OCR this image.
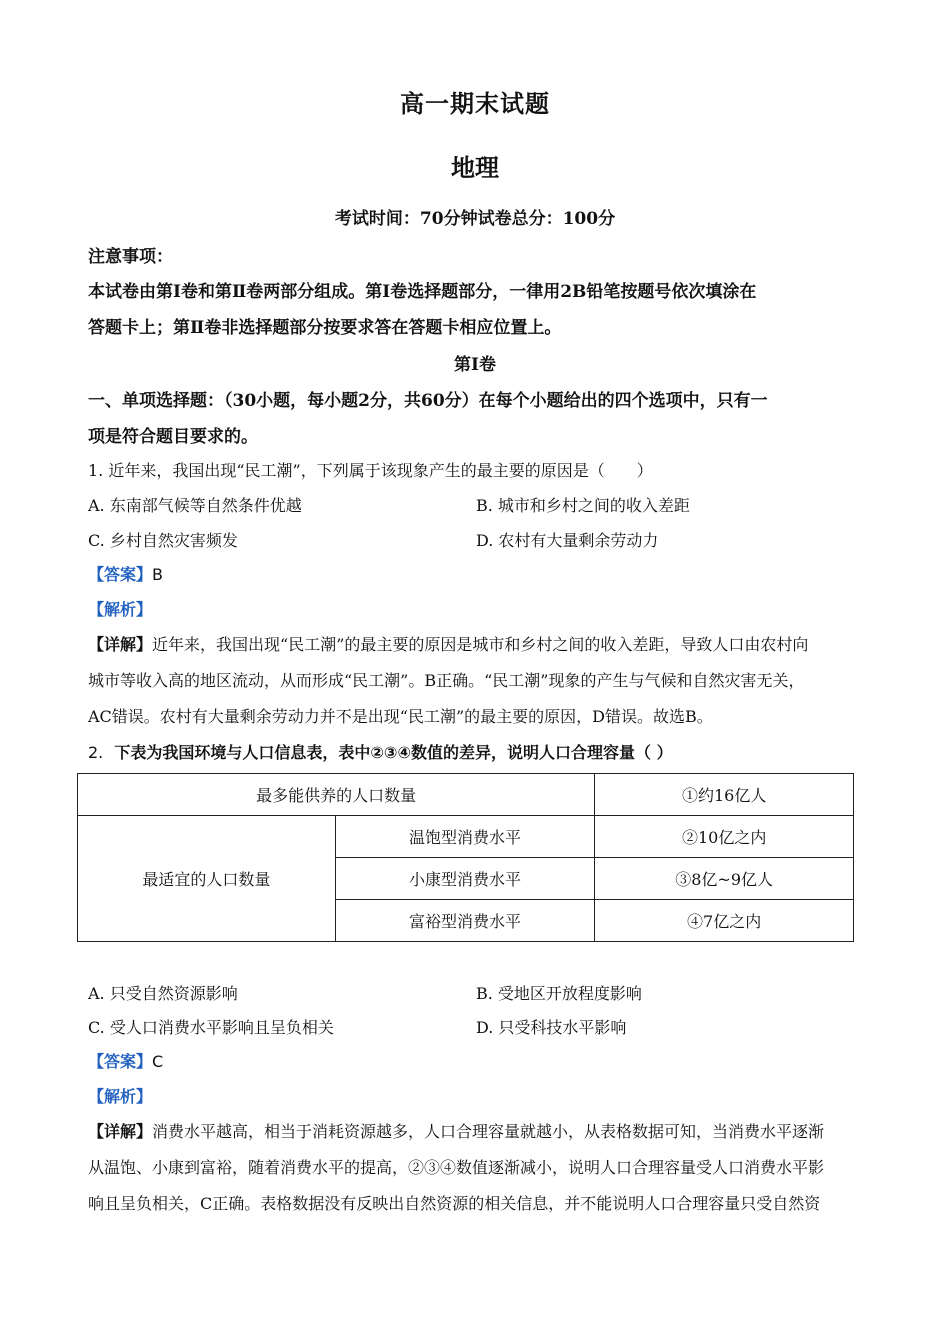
高一期末试题
地理
考试时间：70分钟试卷总分：100分
注意事项：
本试卷由第Ⅰ卷和第Ⅱ卷两部分组成。第Ⅰ卷选择题部分，一律用2B铅笔按题号依次填涂在
答题卡上；第Ⅱ卷非选择题部分按要求答在答题卡相应位置上。
第Ⅰ卷
一、单项选择题：（30小题，每小题2分，共60分）在每个小题给出的四个选项中，只有一
项是符合题目要求的。
1. 近年来，我国出现“民工潮”，下列属于该现象产生的最主要的原因是（　　）
A. 东南部气候等自然条件优越	B. 城市和乡村之间的收入差距
C. 乡村自然灾害频发	D. 农村有大量剩余劳动力
【答案】B
【解析】
【详解】近年来，我国出现“民工潮”的最主要的原因是城市和乡村之间的收入差距，导致人口由农村向
城市等收入高的地区流动，从而形成“民工潮”。B正确。“民工潮”现象的产生与气候和自然灾害无关，
AC错误。农村有大量剩余劳动力并不是出现“民工潮”的最主要的原因，D错误。故选B。
2. 下表为我国环境与人口信息表，表中②③④数值的差异，说明人口合理容量（ ）
最多能供养的人口数量		①约16亿人
最适宜的人口数量	温饱型消费水平	②10亿之内
	小康型消费水平	③8亿~9亿人
	富裕型消费水平	④7亿之内
A. 只受自然资源影响	B. 受地区开放程度影响
C. 受人口消费水平影响且呈负相关	D. 只受科技水平影响
【答案】C
【解析】
【详解】消费水平越高，相当于消耗资源越多，人口合理容量就越小，从表格数据可知，当消费水平逐渐
从温饱、小康到富裕，随着消费水平的提高，②③④数值逐渐减小，说明人口合理容量受人口消费水平影
响且呈负相关，C正确。表格数据没有反映出自然资源的相关信息，并不能说明人口合理容量只受自然资
